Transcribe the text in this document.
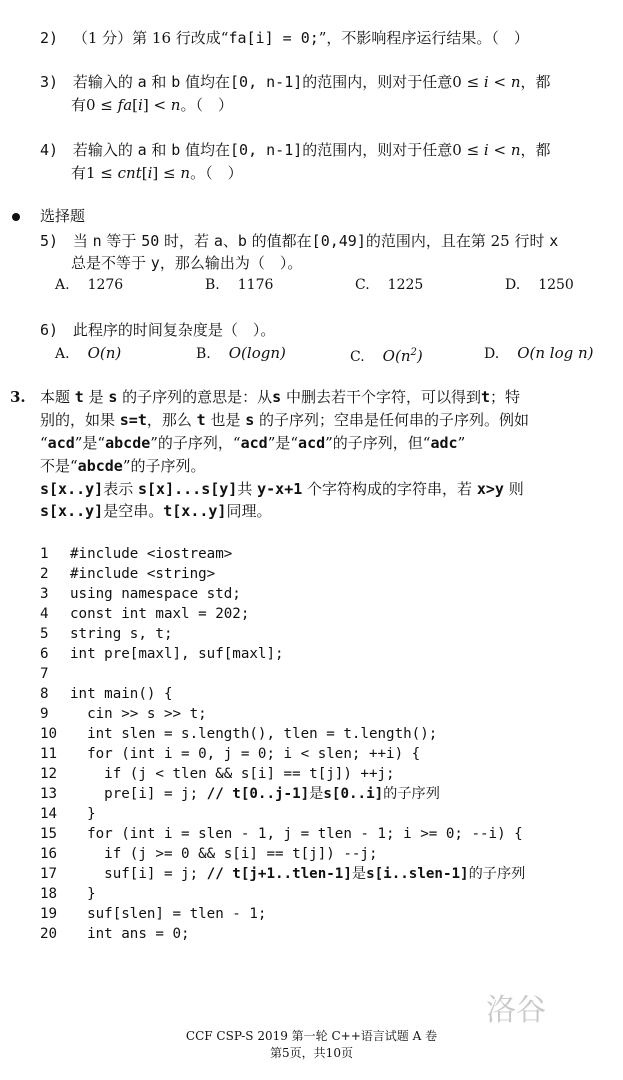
2) （1 分）第 16 行改成“fa[i] = 0;”，不影响程序运行结果。（　）
3) 若输入的 a 和 b 值均在[0, n-1]的范围内，则对于任意0 ≤ i < n，都
有0 ≤ fa[i] < n。（　）
4) 若输入的 a 和 b 值均在[0, n-1]的范围内，则对于任意0 ≤ i < n，都
有1 ≤ cnt[i] ≤ n。（　）
选择题
5) 当 n 等于 50 时，若 a、b 的值都在[0,49]的范围内，且在第 25 行时 x
总是不等于 y，那么输出为（　）。
A. 1276	B. 1176	C. 1225	D. 1250
6) 此程序的时间复杂度是（　）。
A. O(n)	B. O(logn)	C. $O(n^2)$	D. O(n log n)
3. 本题 t 是 s 的子序列的意思是：从s 中删去若干个字符，可以得到t；特
别的，如果 s=t，那么 t 也是 s 的子序列；空串是任何串的子序列。例如
“acd”是“abcde”的子序列，“acd”是“acd”的子序列，但“adc”
不是“abcde”的子序列。
s[x..y]表示 s[x]...s[y]共 y-x+1 个字符构成的字符串，若 x>y 则
s[x..y]是空串。t[x..y]同理。
1 #include <iostream>
2 #include <string>
3 using namespace std;
4 const int maxl = 202;
5 string s, t;
6 int pre[maxl], suf[maxl];
7
8 int main() {
9  cin >> s >> t;
10  int slen = s.length(), tlen = t.length();
11  for (int i = 0, j = 0; i < slen; ++i) {
12    if (j < tlen && s[i] == t[j]) ++j;
13    pre[i] = j; // t[0..j-1]是s[0..i]的子序列
14  }
15  for (int i = slen - 1, j = tlen - 1; i >= 0; --i) {
16    if (j >= 0 && s[i] == t[j]) --j;
17    suf[i] = j; // t[j+1..tlen-1]是s[i..slen-1]的子序列
18  }
19  suf[slen] = tlen - 1;
20  int ans = 0;
洛谷
CCF CSP-S 2019 第一轮 C++语言试题 A 卷
第5页，共10页
